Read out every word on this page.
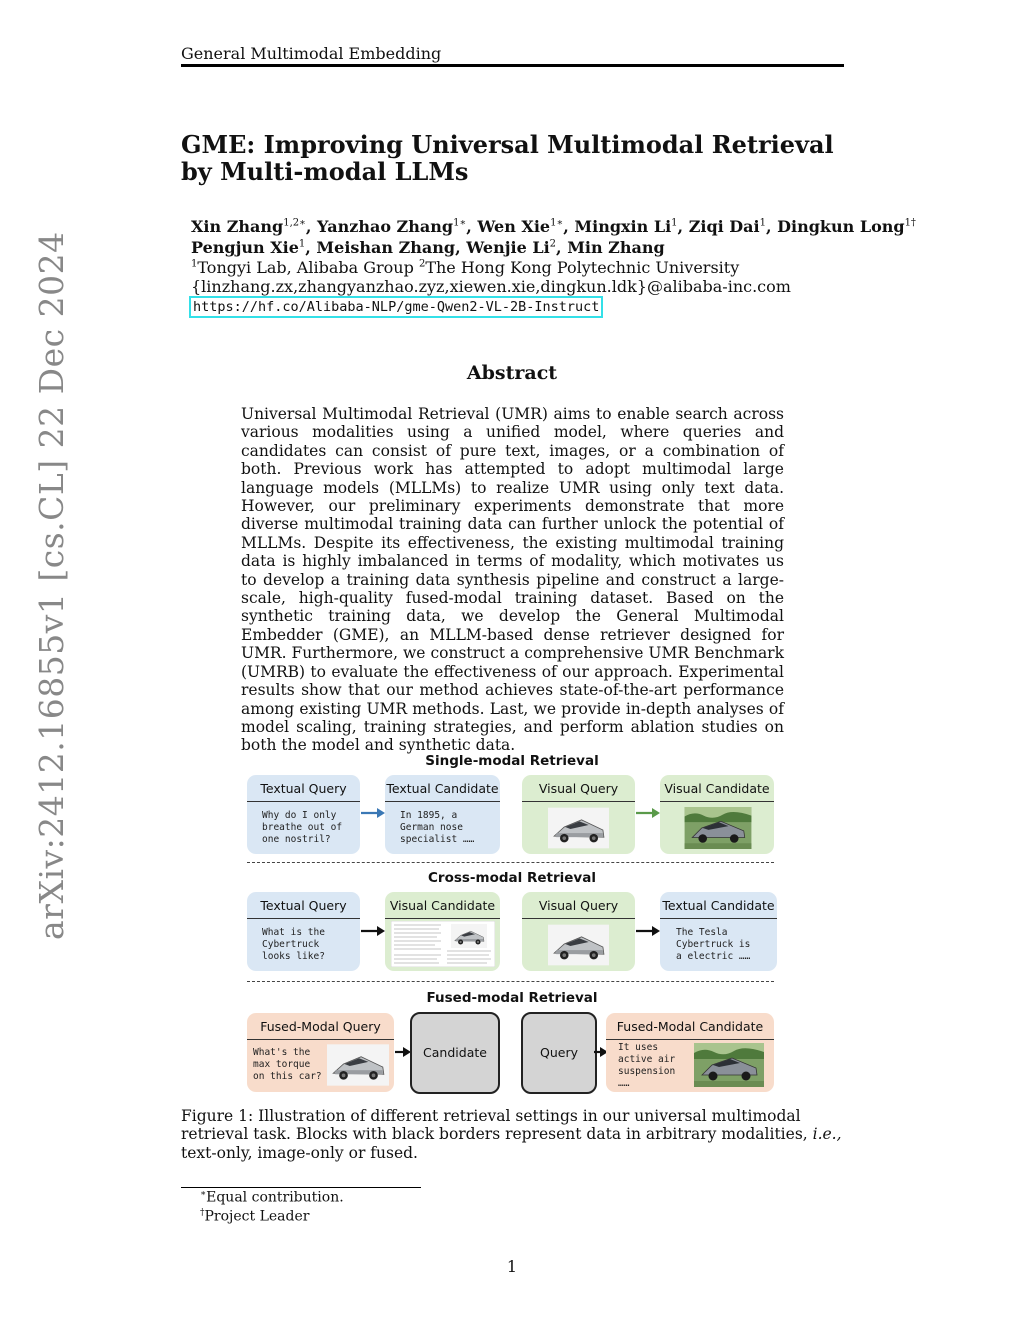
General Multimodal Embedding
arXiv:2412.16855v1 [cs.CL] 22 Dec 2024
GME: Improving Universal Multimodal Retrieval by Multi-modal LLMs
Xin Zhang$^{1,2∗}$, Yanzhao Zhang$^{1∗}$, Wen Xie$^{1∗}$, Mingxin Li$^1$, Ziqi Dai$^1$, Dingkun Long$^{1\dagger}$
Pengjun Xie$^1$, Meishan Zhang, Wenjie Li$^2$, Min Zhang
$^1$Tongyi Lab, Alibaba Group $^2$The Hong Kong Polytechnic University
{linzhang.zx,zhangyanzhao.zyz,xiewen.xie,dingkun.ldk}@alibaba-inc.com
https://hf.co/Alibaba-NLP/gme-Qwen2-VL-2B-Instruct
Abstract
Universal Multimodal Retrieval (UMR) aims to enable search across various modalities using a unified model, where queries and candidates can consist of pure text, images, or a combination of both. Previous work has attempted to adopt multimodal large language models (MLLMs) to realize UMR using only text data. However, our preliminary experiments demonstrate that more diverse multimodal training data can further unlock the potential of MLLMs. Despite its effectiveness, the existing multimodal training data is highly imbalanced in terms of modality, which motivates us to develop a training data synthesis pipeline and construct a large-scale, high-quality fused-modal training dataset. Based on the synthetic training data, we develop the General Multimodal Embedder (GME), an MLLM-based dense retriever designed for UMR. Furthermore, we construct a comprehensive UMR Benchmark (UMRB) to evaluate the effectiveness of our approach. Experimental results show that our method achieves state-of-the-art performance among existing UMR methods. Last, we provide in-depth analyses of model scaling, training strategies, and perform ablation studies on both the model and synthetic data.
Single-modal Retrieval
Textual Query
Why do I only
breathe out of
one nostril?
Textual Candidate
In 1895, a
German nose
specialist ……
Visual Query	Visual Candidate
Cross-modal Retrieval
Textual Query
What is the
Cybertruck
looks like?
Visual Candidate	Visual Query	Textual Candidate
The Tesla
Cybertruck is
a electric ……
Fused-modal Retrieval
Fused-Modal Query
What's the
max torque
on this car?
Candidate	Query
Fused-Modal Candidate
It uses
active air
suspension
……
Figure 1: Illustration of different retrieval settings in our universal multimodal retrieval task. Blocks with black borders represent data in arbitrary modalities, i.e., text-only, image-only or fused.
∗Equal contribution.
†Project Leader
1
